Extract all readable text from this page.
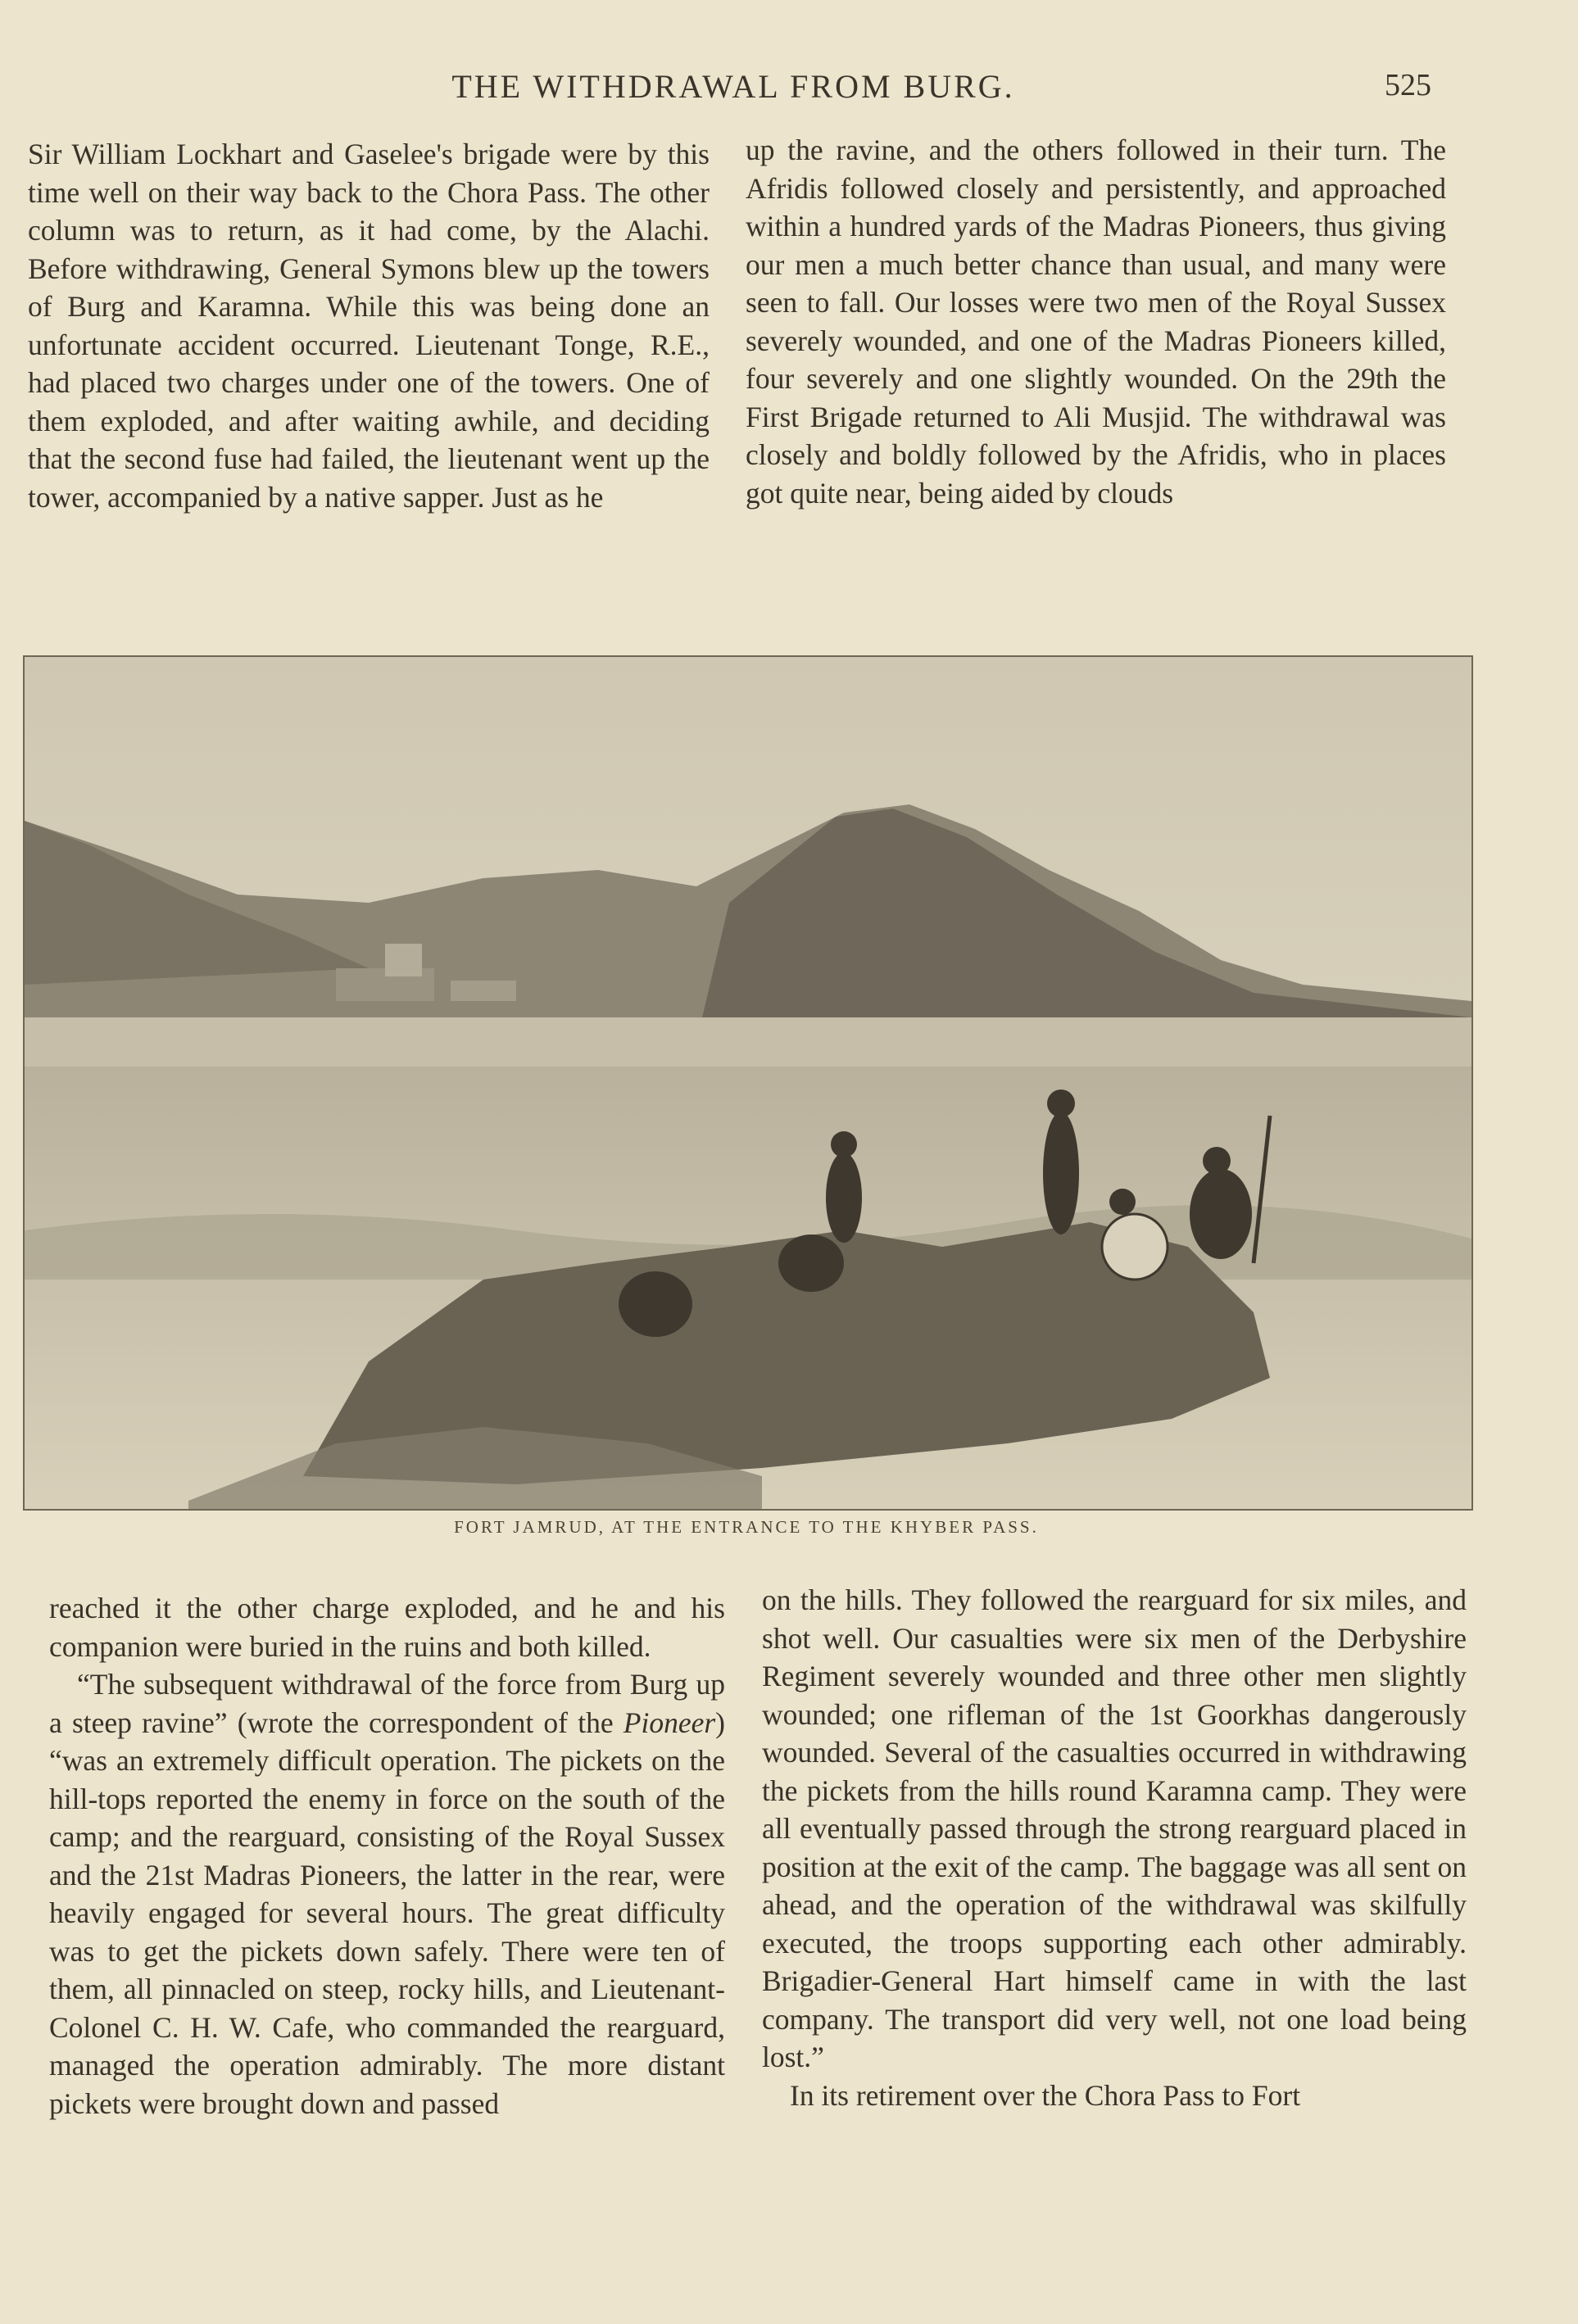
THE WITHDRAWAL FROM BURG.	525

Sir William Lockhart and Gaselee's brigade were by this time well on their way back to the Chora Pass. The other column was to return, as it had come, by the Alachi. Before withdrawing, General Symons blew up the towers of Burg and Karamna. While this was being done an unfortunate accident occurred. Lieutenant Tonge, R.E., had placed two charges under one of the towers. One of them exploded, and after waiting awhile, and deciding that the second fuse had failed, the lieutenant went up the tower, accompanied by a native sapper. Just as he

up the ravine, and the others followed in their turn. The Afridis followed closely and persistently, and approached within a hundred yards of the Madras Pioneers, thus giving our men a much better chance than usual, and many were seen to fall. Our losses were two men of the Royal Sussex severely wounded, and one of the Madras Pioneers killed, four severely and one slightly wounded. On the 29th the First Brigade returned to Ali Musjid. The withdrawal was closely and boldly followed by the Afridis, who in places got quite near, being aided by clouds

FORT JAMRUD, AT THE ENTRANCE TO THE KHYBER PASS.

reached it the other charge exploded, and he and his companion were buried in the ruins and both killed.

“The subsequent withdrawal of the force from Burg up a steep ravine” (wrote the correspondent of the Pioneer) “was an extremely difficult operation. The pickets on the hill-tops reported the enemy in force on the south of the camp; and the rearguard, consisting of the Royal Sussex and the 21st Madras Pioneers, the latter in the rear, were heavily engaged for several hours. The great difficulty was to get the pickets down safely. There were ten of them, all pinnacled on steep, rocky hills, and Lieutenant-Colonel C. H. W. Cafe, who commanded the rearguard, managed the operation admirably. The more distant pickets were brought down and passed

on the hills. They followed the rearguard for six miles, and shot well. Our casualties were six men of the Derbyshire Regiment severely wounded and three other men slightly wounded; one rifleman of the 1st Goorkhas dangerously wounded. Several of the casualties occurred in withdrawing the pickets from the hills round Karamna camp. They were all eventually passed through the strong rearguard placed in position at the exit of the camp. The baggage was all sent on ahead, and the operation of the withdrawal was skilfully executed, the troops supporting each other admirably. Brigadier-General Hart himself came in with the last company. The transport did very well, not one load being lost.”

In its retirement over the Chora Pass to Fort
